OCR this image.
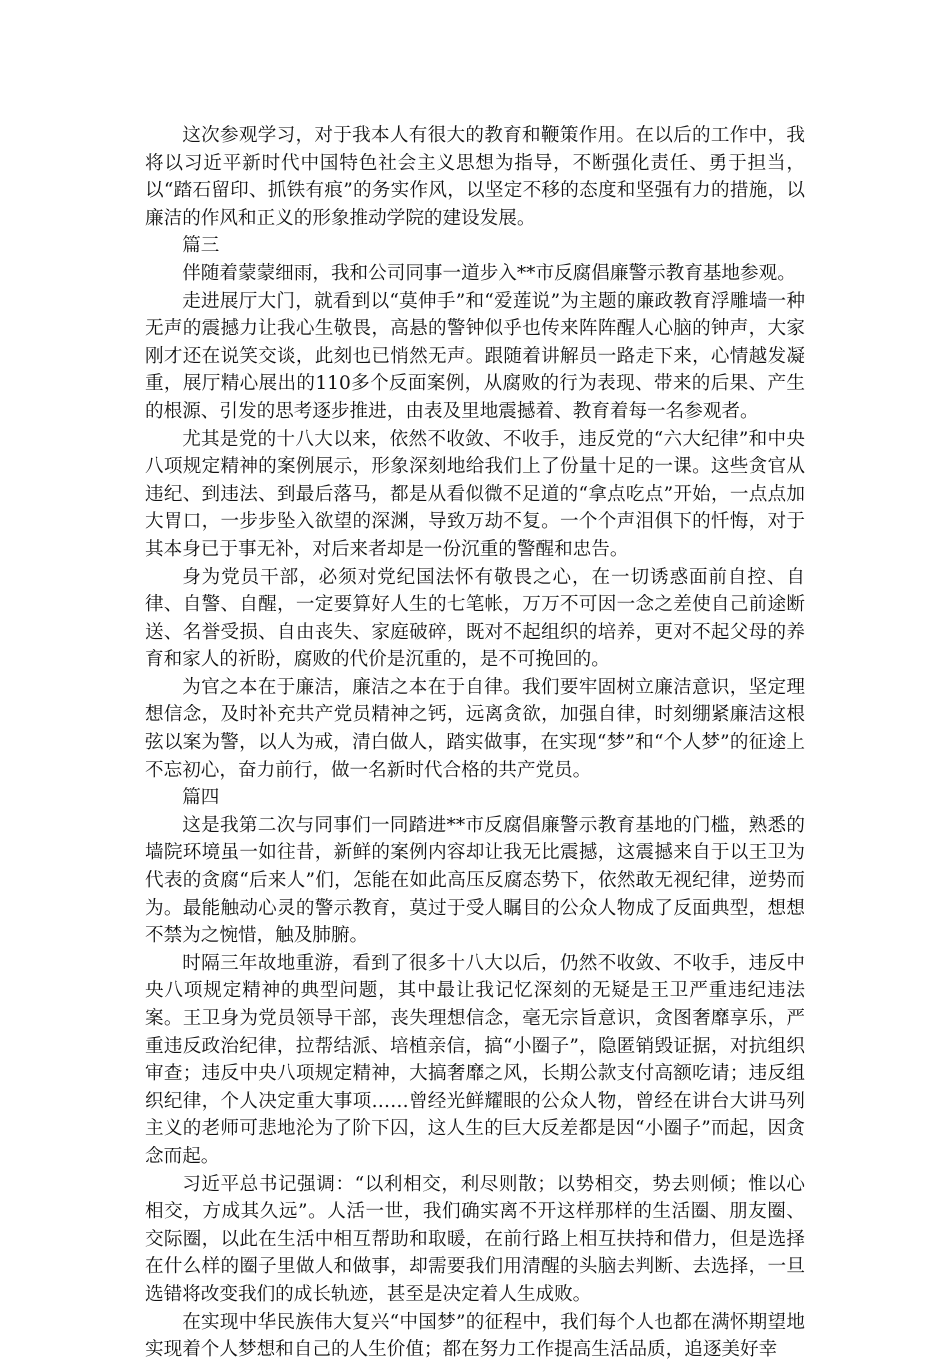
这次参观学习，对于我本人有很大的教育和鞭策作用。在以后的工作中，我将以习近平新时代中国特色社会主义思想为指导，不断强化责任、勇于担当，以“踏石留印、抓铁有痕”的务实作风，以坚定不移的态度和坚强有力的措施，以廉洁的作风和正义的形象推动学院的建设发展。

篇三

伴随着蒙蒙细雨，我和公司同事一道步入**市反腐倡廉警示教育基地参观。

走进展厅大门，就看到以“莫伸手”和“爱莲说”为主题的廉政教育浮雕墙一种无声的震撼力让我心生敬畏，高悬的警钟似乎也传来阵阵醒人心脑的钟声，大家刚才还在说笑交谈，此刻也已悄然无声。跟随着讲解员一路走下来，心情越发凝重，展厅精心展出的110多个反面案例，从腐败的行为表现、带来的后果、产生的根源、引发的思考逐步推进，由表及里地震撼着、教育着每一名参观者。

尤其是党的十八大以来，依然不收敛、不收手，违反党的“六大纪律”和中央八项规定精神的案例展示，形象深刻地给我们上了份量十足的一课。这些贪官从违纪、到违法、到最后落马，都是从看似微不足道的“拿点吃点”开始，一点点加大胃口，一步步坠入欲望的深渊，导致万劫不复。一个个声泪俱下的忏悔，对于其本身已于事无补，对后来者却是一份沉重的警醒和忠告。

身为党员干部，必须对党纪国法怀有敬畏之心，在一切诱惑面前自控、自律、自警、自醒，一定要算好人生的七笔帐，万万不可因一念之差使自己前途断送、名誉受损、自由丧失、家庭破碎，既对不起组织的培养，更对不起父母的养育和家人的祈盼，腐败的代价是沉重的，是不可挽回的。

为官之本在于廉洁，廉洁之本在于自律。我们要牢固树立廉洁意识，坚定理想信念，及时补充共产党员精神之钙，远离贪欲，加强自律，时刻绷紧廉洁这根弦以案为警，以人为戒，清白做人，踏实做事，在实现“梦”和“个人梦”的征途上不忘初心，奋力前行，做一名新时代合格的共产党员。

篇四

这是我第二次与同事们一同踏进**市反腐倡廉警示教育基地的门槛，熟悉的墙院环境虽一如往昔，新鲜的案例内容却让我无比震撼，这震撼来自于以王卫为代表的贪腐“后来人”们，怎能在如此高压反腐态势下，依然敢无视纪律，逆势而为。最能触动心灵的警示教育，莫过于受人瞩目的公众人物成了反面典型，想想不禁为之惋惜，触及肺腑。

时隔三年故地重游，看到了很多十八大以后，仍然不收敛、不收手，违反中央八项规定精神的典型问题，其中最让我记忆深刻的无疑是王卫严重违纪违法案。王卫身为党员领导干部，丧失理想信念，毫无宗旨意识，贪图奢靡享乐，严重违反政治纪律，拉帮结派、培植亲信，搞“小圈子”，隐匿销毁证据，对抗组织审查；违反中央八项规定精神，大搞奢靡之风，长期公款支付高额吃请；违反组织纪律，个人决定重大事项……曾经光鲜耀眼的公众人物，曾经在讲台大讲马列主义的老师可悲地沦为了阶下囚，这人生的巨大反差都是因“小圈子”而起，因贪念而起。

习近平总书记强调：“以利相交，利尽则散；以势相交，势去则倾；惟以心相交，方成其久远”。人活一世，我们确实离不开这样那样的生活圈、朋友圈、交际圈，以此在生活中相互帮助和取暖，在前行路上相互扶持和借力，但是选择在什么样的圈子里做人和做事，却需要我们用清醒的头脑去判断、去选择，一旦选错将改变我们的成长轨迹，甚至是决定着人生成败。

在实现中华民族伟大复兴“中国梦”的征程中，我们每个人也都在满怀期望地实现着个人梦想和自己的人生价值；都在努力工作提高生活品质，追逐美好幸
